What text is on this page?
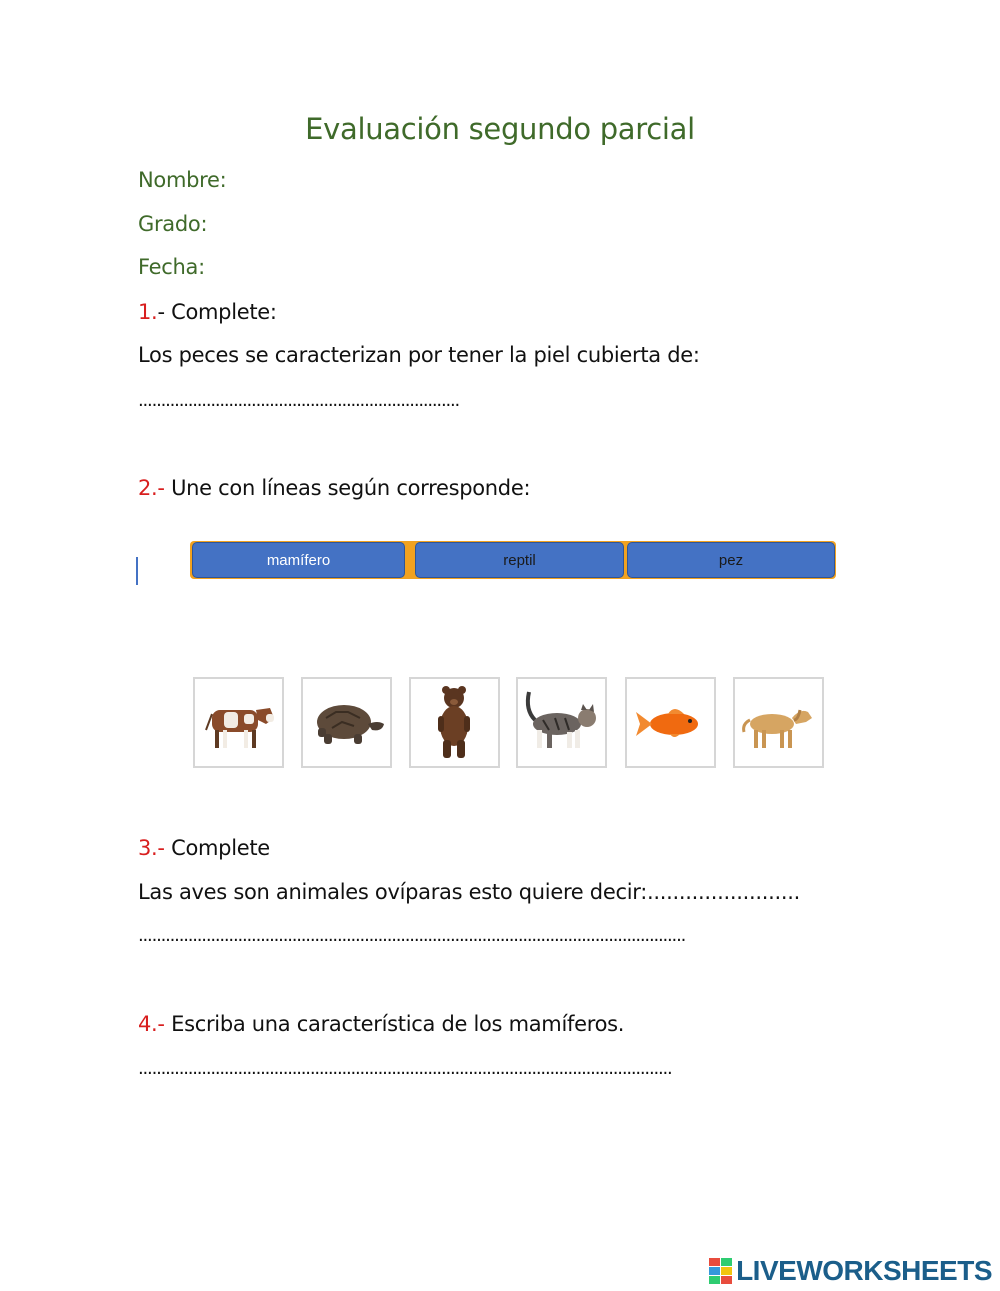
Evaluación segundo parcial
Nombre:
Grado:
Fecha:
1.- Complete:
Los peces se caracterizan por tener la piel cubierta de:
.......................................................................
2.- Une con líneas según corresponde:
mamífero	reptil	pez
3.- Complete
Las aves son animales ovíparas esto quiere decir:........................
.........................................................................................................................
4.- Escriba una característica de los mamíferos.
......................................................................................................................
LIVEWORKSHEETS
